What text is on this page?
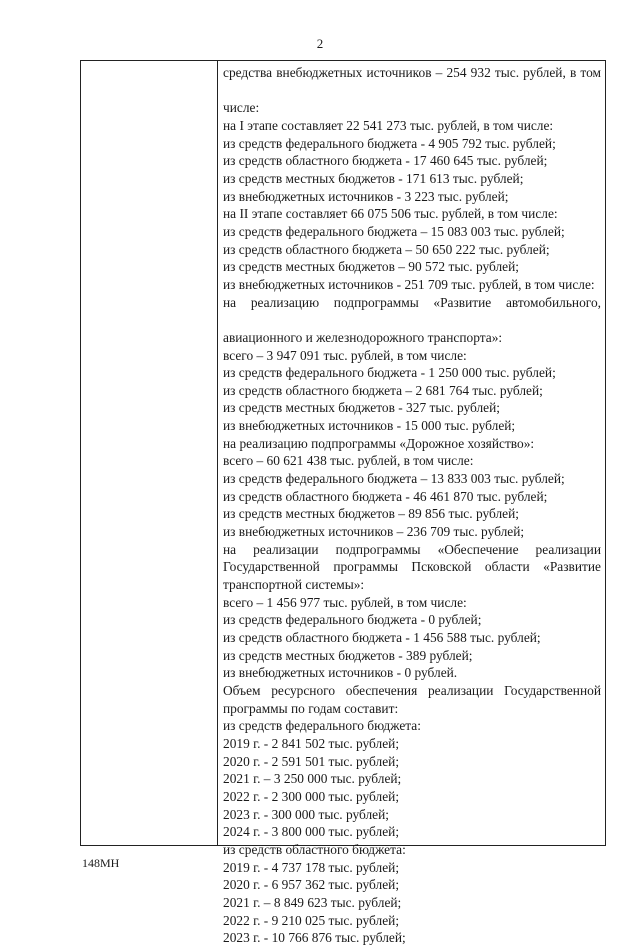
2
средства внебюджетных источников – 254 932 тыс. рублей, в том
числе:
на I этапе составляет 22 541 273 тыс. рублей, в том числе:
из средств федерального бюджета - 4 905 792 тыс. рублей;
из средств областного бюджета - 17 460 645 тыс. рублей;
из средств местных бюджетов - 171 613 тыс. рублей;
из внебюджетных источников - 3 223 тыс. рублей;
на II этапе составляет 66 075 506 тыс. рублей, в том числе:
из средств федерального бюджета – 15 083 003 тыс. рублей;
из средств областного бюджета – 50 650 222 тыс. рублей;
из средств местных бюджетов – 90 572 тыс. рублей;
из внебюджетных источников - 251 709 тыс. рублей, в том числе:
на реализацию подпрограммы «Развитие автомобильного,
авиационного и железнодорожного транспорта»:
всего – 3 947 091 тыс. рублей, в том числе:
из средств федерального бюджета - 1 250 000 тыс. рублей;
из средств областного бюджета – 2 681 764 тыс. рублей;
из средств местных бюджетов - 327 тыс. рублей;
из внебюджетных источников - 15 000 тыс. рублей;
на реализацию подпрограммы «Дорожное хозяйство»:
всего – 60 621 438 тыс. рублей, в том числе:
из средств федерального бюджета – 13 833 003 тыс. рублей;
из средств областного бюджета - 46 461 870 тыс. рублей;
из средств местных бюджетов – 89 856 тыс. рублей;
из внебюджетных источников – 236 709 тыс. рублей;
на реализации подпрограммы «Обеспечение реализации Государственной программы Псковской области «Развитие транспортной системы»:
всего – 1 456 977 тыс. рублей, в том числе:
из средств федерального бюджета - 0 рублей;
из средств областного бюджета - 1 456 588 тыс. рублей;
из средств местных бюджетов - 389 рублей;
из внебюджетных источников - 0 рублей.
Объем ресурсного обеспечения реализации Государственной программы по годам составит:
из средств федерального бюджета:
2019 г. - 2 841 502 тыс. рублей;
2020 г. - 2 591 501 тыс. рублей;
2021 г. – 3 250 000 тыс. рублей;
2022 г. - 2 300 000 тыс. рублей;
2023 г. - 300 000 тыс. рублей;
2024 г. - 3 800 000 тыс. рублей;
из средств областного бюджета:
2019 г. - 4 737 178 тыс. рублей;
2020 г. - 6 957 362 тыс. рублей;
2021 г. – 8 849 623 тыс. рублей;
2022 г. - 9 210 025 тыс. рублей;
2023 г. - 10 766 876 тыс. рублей;
148МН
